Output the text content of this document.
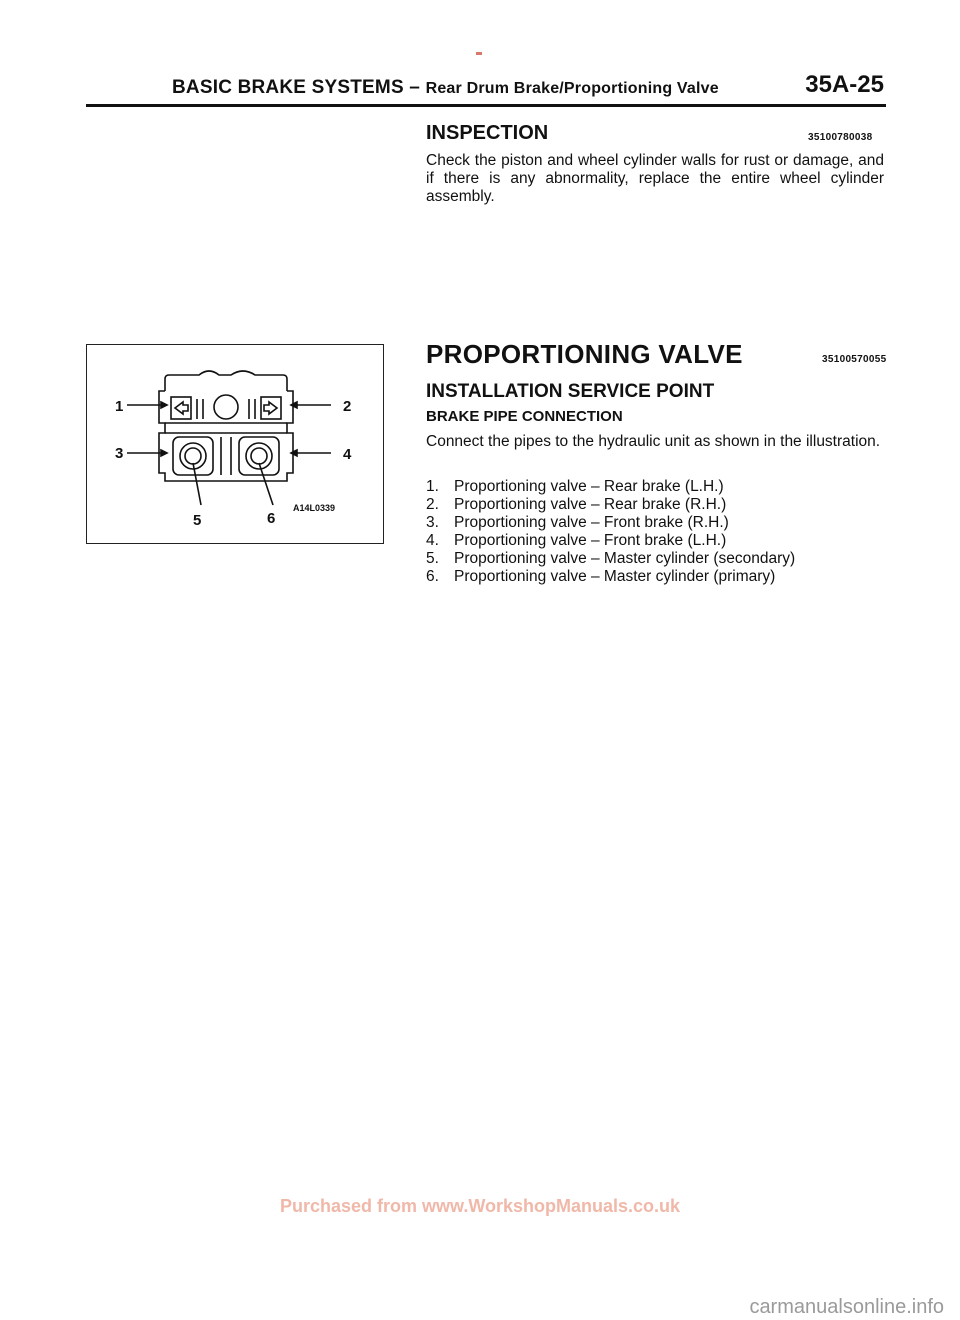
BASIC BRAKE SYSTEMS – Rear Drum Brake/Proportioning Valve	35A-25
INSPECTION	35100780038
Check the piston and wheel cylinder walls for rust or damage, and if there is any abnormality, replace the entire wheel cylinder assembly.
1	2
3	4
5	6
A14L0339
PROPORTIONING VALVE	35100570055
INSTALLATION SERVICE POINT
BRAKE PIPE CONNECTION
Connect the pipes to the hydraulic unit as shown in the illustration.
1. Proportioning valve – Rear brake (L.H.)
2. Proportioning valve – Rear brake (R.H.)
3. Proportioning valve – Front brake (R.H.)
4. Proportioning valve – Front brake (L.H.)
5. Proportioning valve – Master cylinder (secondary)
6. Proportioning valve – Master cylinder (primary)
Purchased from www.WorkshopManuals.co.uk
carmanualsonline.info
